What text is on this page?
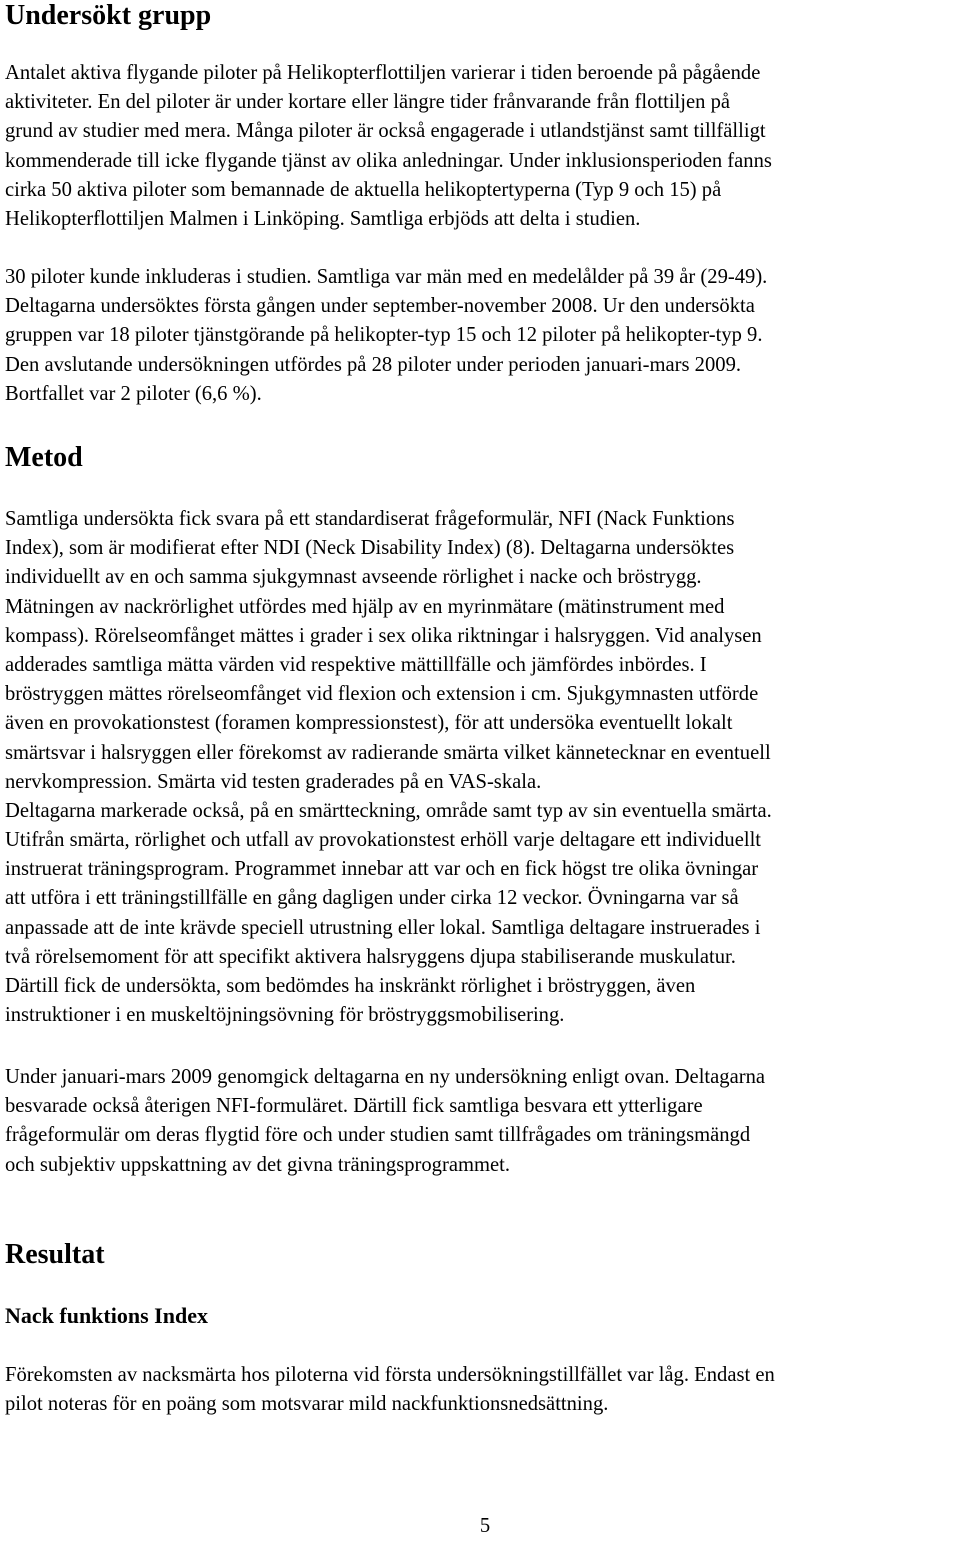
Undersökt grupp

Antalet aktiva flygande piloter på Helikopterflottiljen varierar i tiden beroende på pågående
aktiviteter. En del piloter är under kortare eller längre tider frånvarande från flottiljen på
grund av studier med mera. Många piloter är också engagerade i utlandstjänst samt tillfälligt
kommenderade till icke flygande tjänst av olika anledningar. Under inklusionsperioden fanns
cirka 50 aktiva piloter som bemannade de aktuella helikoptertyperna (Typ 9 och 15) på
Helikopterflottiljen Malmen i Linköping. Samtliga erbjöds att delta i studien.

30 piloter kunde inkluderas i studien. Samtliga var män med en medelålder på 39 år (29-49).
Deltagarna undersöktes första gången under september-november 2008. Ur den undersökta
gruppen var 18 piloter tjänstgörande på helikopter-typ 15 och 12 piloter på helikopter-typ 9.
Den avslutande undersökningen utfördes på 28 piloter under perioden januari-mars 2009.
Bortfallet var 2 piloter (6,6 %).

Metod

Samtliga undersökta fick svara på ett standardiserat frågeformulär, NFI (Nack Funktions
Index), som är modifierat efter NDI (Neck Disability Index) (8). Deltagarna undersöktes
individuellt av en och samma sjukgymnast avseende rörlighet i nacke och bröstrygg.
Mätningen av nackrörlighet utfördes med hjälp av en myrinmätare (mätinstrument med
kompass). Rörelseomfånget mättes i grader i sex olika riktningar i halsryggen. Vid analysen
adderades samtliga mätta värden vid respektive mättillfälle och jämfördes inbördes. I
bröstryggen mättes rörelseomfånget vid flexion och extension i cm. Sjukgymnasten utförde
även en provokationstest (foramen kompressionstest), för att undersöka eventuellt lokalt
smärtsvar i halsryggen eller förekomst av radierande smärta vilket kännetecknar en eventuell
nervkompression. Smärta vid testen graderades på en VAS-skala.
Deltagarna markerade också, på en smärtteckning, område samt typ av sin eventuella smärta.
Utifrån smärta, rörlighet och utfall av provokationstest erhöll varje deltagare ett individuellt
instruerat träningsprogram. Programmet innebar att var och en fick högst tre olika övningar
att utföra i ett träningstillfälle en gång dagligen under cirka 12 veckor. Övningarna var så
anpassade att de inte krävde speciell utrustning eller lokal. Samtliga deltagare instruerades i
två rörelsemoment för att specifikt aktivera halsryggens djupa stabiliserande muskulatur.
Därtill fick de undersökta, som bedömdes ha inskränkt rörlighet i bröstryggen, även
instruktioner i en muskeltöjningsövning för bröstryggsmobilisering.

Under januari-mars 2009 genomgick deltagarna en ny undersökning enligt ovan. Deltagarna
besvarade också återigen NFI-formuläret. Därtill fick samtliga besvara ett ytterligare
frågeformulär om deras flygtid före och under studien samt tillfrågades om träningsmängd
och subjektiv uppskattning av det givna träningsprogrammet.

Resultat
Nack funktions Index

Förekomsten av nacksmärta hos piloterna vid första undersökningstillfället var låg. Endast en
pilot noteras för en poäng som motsvarar mild nackfunktionsnedsättning.

5
